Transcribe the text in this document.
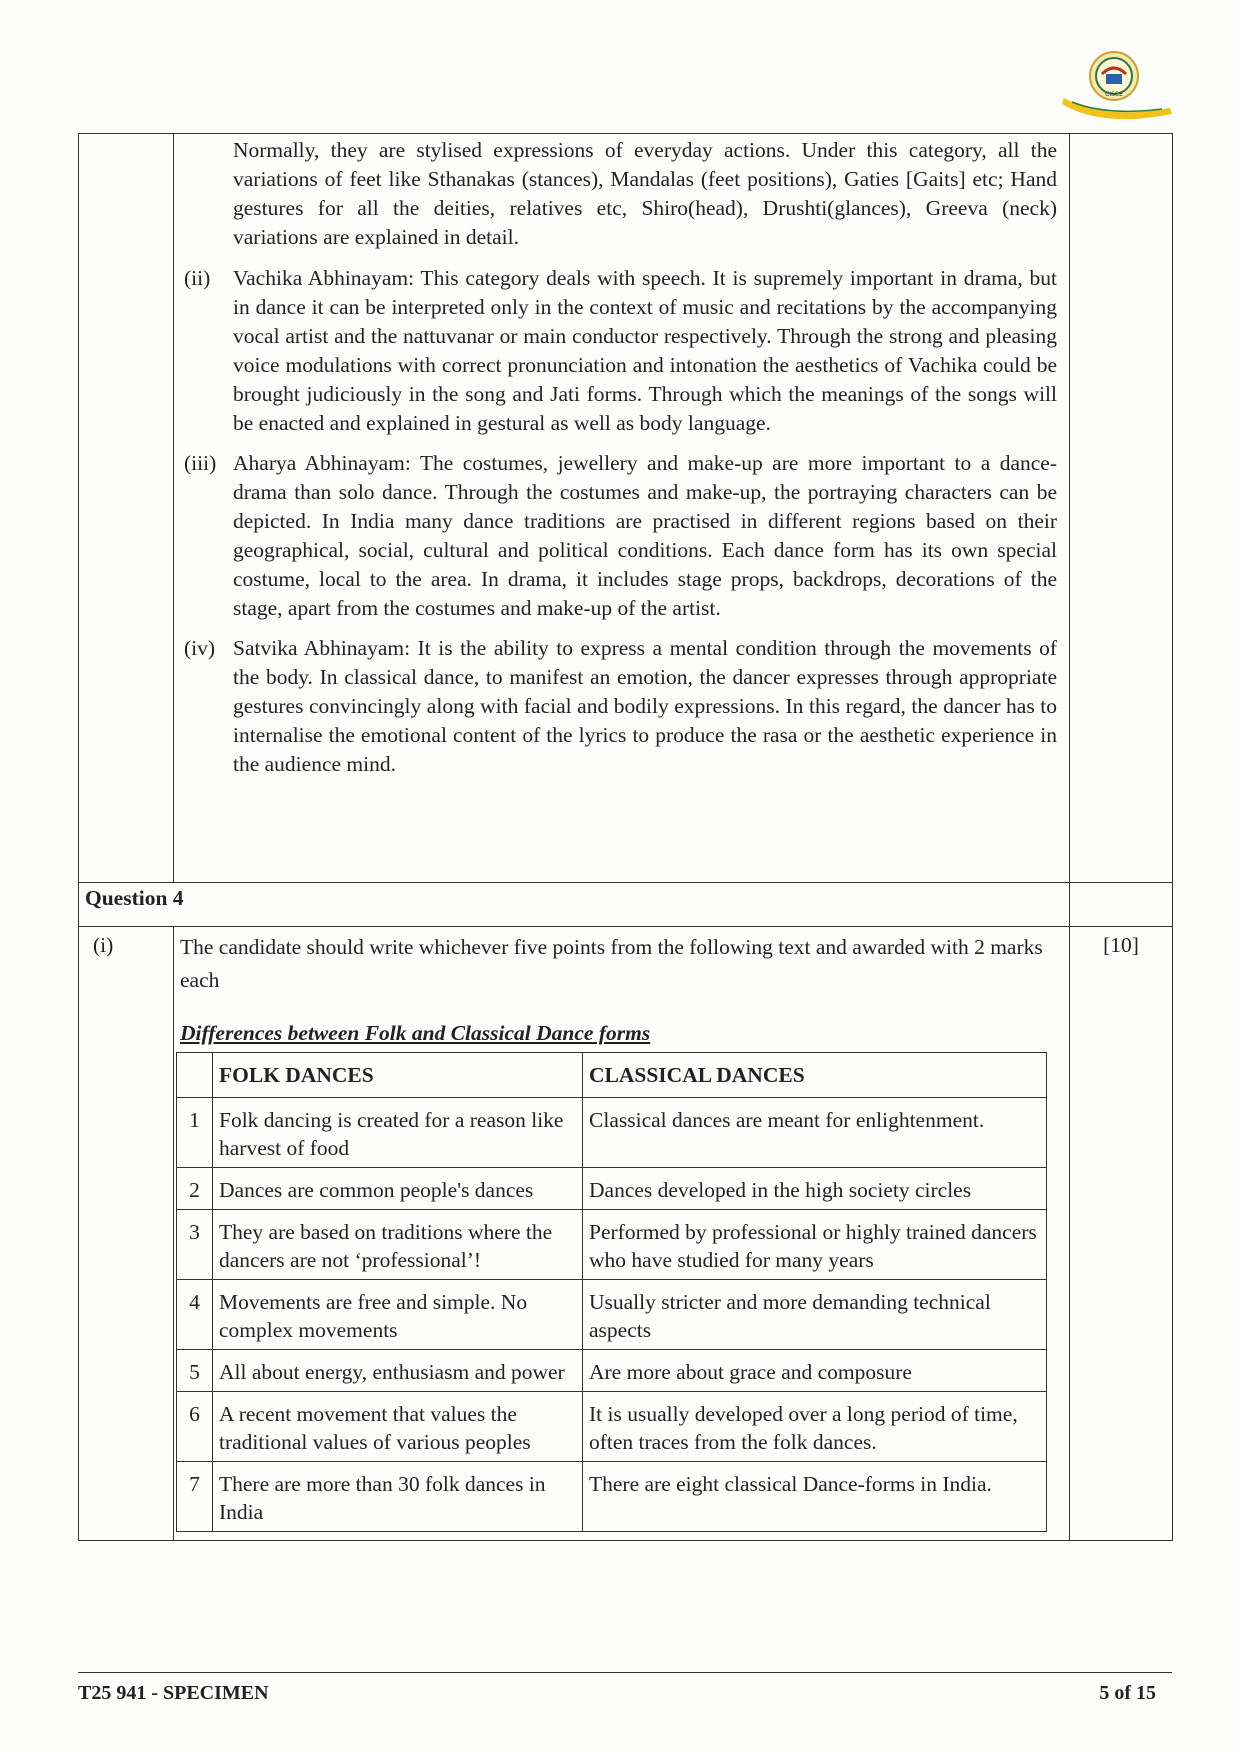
CISCE

Normally, they are stylised expressions of everyday actions. Under this category, all the variations of feet like Sthanakas (stances), Mandalas (feet positions), Gaties [Gaits] etc; Hand gestures for all the deities, relatives etc, Shiro(head), Drushti(glances), Greeva (neck) variations are explained in detail.

(ii) Vachika Abhinayam: This category deals with speech. It is supremely important in drama, but in dance it can be interpreted only in the context of music and recitations by the accompanying vocal artist and the nattuvanar or main conductor respectively. Through the strong and pleasing voice modulations with correct pronunciation and intonation the aesthetics of Vachika could be brought judiciously in the song and Jati forms. Through which the meanings of the songs will be enacted and explained in gestural as well as body language.

(iii) Aharya Abhinayam: The costumes, jewellery and make-up are more important to a dance-drama than solo dance. Through the costumes and make-up, the portraying characters can be depicted. In India many dance traditions are practised in different regions based on their geographical, social, cultural and political conditions. Each dance form has its own special costume, local to the area. In drama, it includes stage props, backdrops, decorations of the stage, apart from the costumes and make-up of the artist.

(iv) Satvika Abhinayam: It is the ability to express a mental condition through the movements of the body. In classical dance, to manifest an emotion, the dancer expresses through appropriate gestures convincingly along with facial and bodily expressions. In this regard, the dancer has to internalise the emotional content of the lyrics to produce the rasa or the aesthetic experience in the audience mind.

Question 4	
(i)	The candidate should write whichever five points from the following text and awarded with 2 marks each
Differences between Folk and Classical Dance forms
	FOLK DANCES	CLASSICAL DANCES
1	Folk dancing is created for a reason like harvest of food	Classical dances are meant for enlightenment.
2	Dances are common people's dances	Dances developed in the high society circles
3	They are based on traditions where the dancers are not ‘professional’!	Performed by professional or highly trained dancers who have studied for many years
4	Movements are free and simple. No complex movements	Usually stricter and more demanding technical aspects
5	All about energy, enthusiasm and power	Are more about grace and composure
6	A recent movement that values the traditional values of various peoples	It is usually developed over a long period of time, often traces from the folk dances.
7	There are more than 30 folk dances in India	There are eight classical Dance-forms in India.
	[10]
T25 941 - SPECIMEN	5 of 15
